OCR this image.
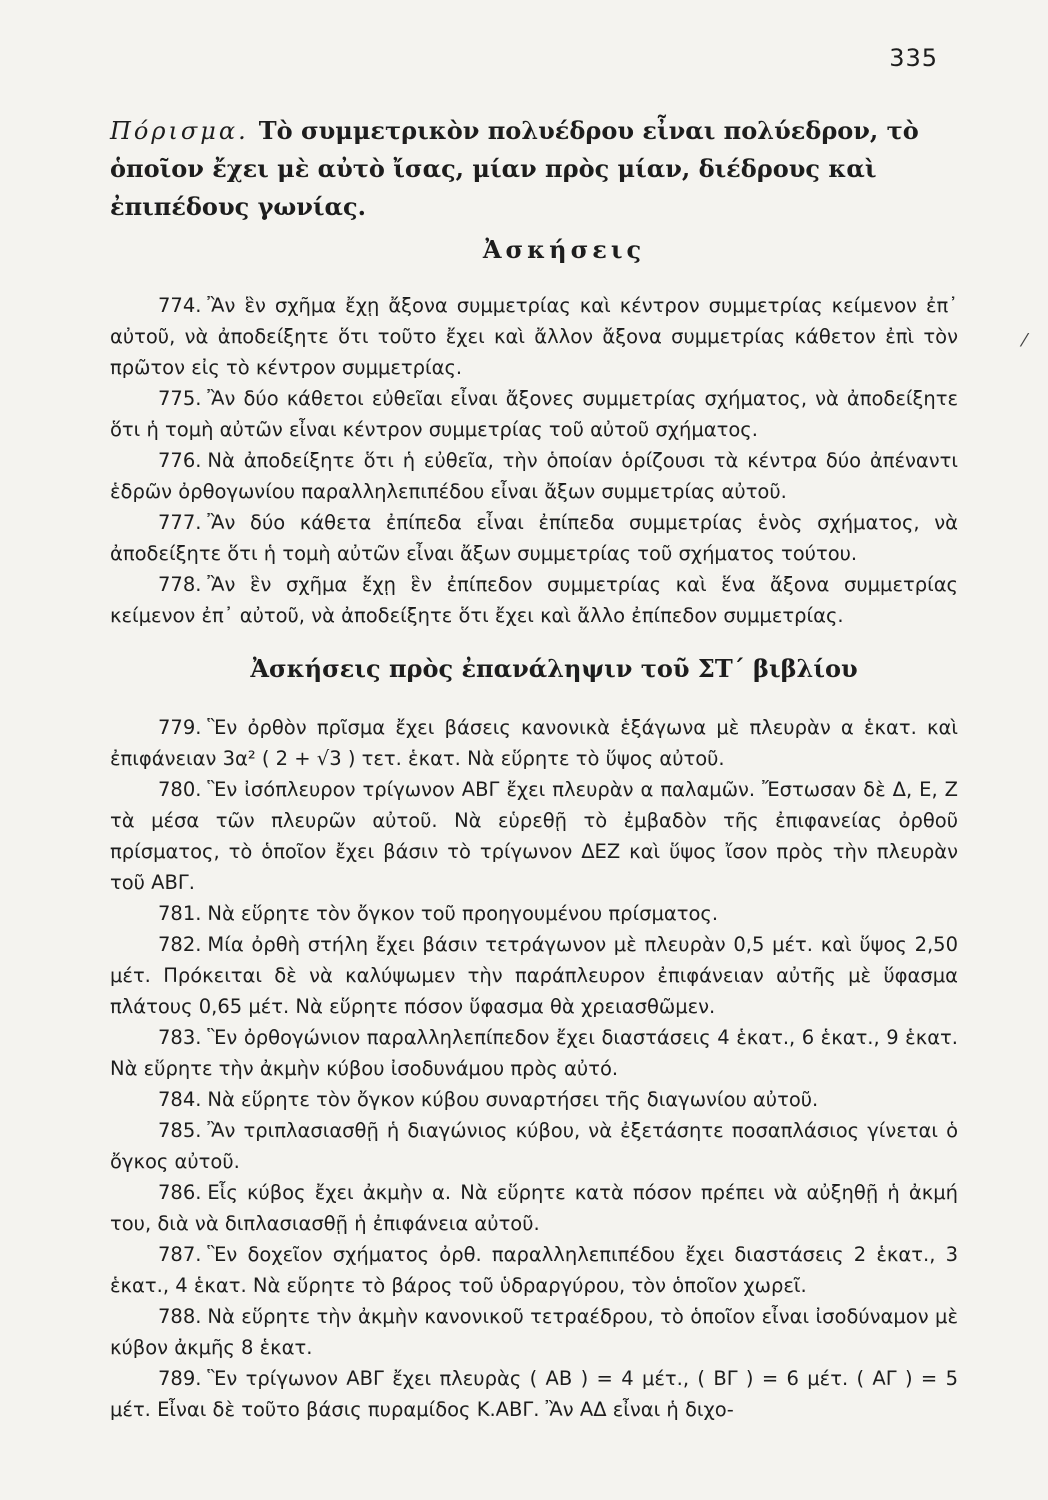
335
Πόρισμα. Τὸ συμμετρικὸν πολυέδρου εἶναι πολύεδρον, τὸ ὁποῖον ἔχει μὲ αὐτὸ ἴσας, μίαν πρὸς μίαν, διέδρους καὶ ἐπιπέδους γωνίας.
Ἀσκήσεις

774. Ἂν ἓν σχῆμα ἔχῃ ἄξονα συμμετρίας καὶ κέντρον συμμετρίας κείμενον ἐπ᾿ αὐτοῦ, νὰ ἀποδείξητε ὅτι τοῦτο ἔχει καὶ ἄλλον ἄξονα συμμετρίας κάθετον ἐπὶ τὸν πρῶτον εἰς τὸ κέντρον συμμετρίας.

775. Ἂν δύο κάθετοι εὐθεῖαι εἶναι ἄξονες συμμετρίας σχήματος, νὰ ἀποδείξητε ὅτι ἡ τομὴ αὐτῶν εἶναι κέντρον συμμετρίας τοῦ αὐτοῦ σχήματος.

776. Νὰ ἀποδείξητε ὅτι ἡ εὐθεῖα, τὴν ὁποίαν ὁρίζουσι τὰ κέντρα δύο ἀπέναντι ἑδρῶν ὀρθογωνίου παραλληλεπιπέδου εἶναι ἄξων συμμετρίας αὐτοῦ.

777. Ἂν δύο κάθετα ἐπίπεδα εἶναι ἐπίπεδα συμμετρίας ἑνὸς σχήματος, νὰ ἀποδείξητε ὅτι ἡ τομὴ αὐτῶν εἶναι ἄξων συμμετρίας τοῦ σχήματος τούτου.

778. Ἂν ἓν σχῆμα ἔχῃ ἓν ἐπίπεδον συμμετρίας καὶ ἕνα ἄξονα συμμετρίας κείμενον ἐπ᾿ αὐτοῦ, νὰ ἀποδείξητε ὅτι ἔχει καὶ ἄλλο ἐπίπεδον συμμετρίας.

Ἀσκήσεις πρὸς ἐπανάληψιν τοῦ ΣΤ΄ βιβλίου

779. Ἓν ὀρθὸν πρῖσμα ἔχει βάσεις κανονικὰ ἑξάγωνα μὲ πλευρὰν α ἑκατ. καὶ ἐπιφάνειαν 3α² ( 2 + √3 ) τετ. ἑκατ. Νὰ εὕρητε τὸ ὕψος αὐτοῦ.

780. Ἓν ἰσόπλευρον τρίγωνον ΑΒΓ ἔχει πλευρὰν α παλαμῶν. Ἔστωσαν δὲ Δ, Ε, Ζ τὰ μέσα τῶν πλευρῶν αὐτοῦ. Νὰ εὑρεθῇ τὸ ἐμβαδὸν τῆς ἐπιφανείας ὀρθοῦ πρίσματος, τὸ ὁποῖον ἔχει βάσιν τὸ τρίγωνον ΔΕΖ καὶ ὕψος ἴσον πρὸς τὴν πλευρὰν τοῦ ΑΒΓ.

781. Νὰ εὕρητε τὸν ὄγκον τοῦ προηγουμένου πρίσματος.

782. Μία ὀρθὴ στήλη ἔχει βάσιν τετράγωνον μὲ πλευρὰν 0,5 μέτ. καὶ ὕψος 2,50 μέτ. Πρόκειται δὲ νὰ καλύψωμεν τὴν παράπλευρον ἐπιφάνειαν αὐτῆς μὲ ὕφασμα πλάτους 0,65 μέτ. Νὰ εὕρητε πόσον ὕφασμα θὰ χρειασθῶμεν.

783. Ἓν ὀρθογώνιον παραλληλεπίπεδον ἔχει διαστάσεις 4 ἑκατ., 6 ἑκατ., 9 ἑκατ. Νὰ εὕρητε τὴν ἀκμὴν κύβου ἰσοδυνάμου πρὸς αὐτό.

784. Νὰ εὕρητε τὸν ὄγκον κύβου συναρτήσει τῆς διαγωνίου αὐτοῦ.

785. Ἂν τριπλασιασθῇ ἡ διαγώνιος κύβου, νὰ ἐξετάσητε ποσαπλάσιος γίνεται ὁ ὄγκος αὐτοῦ.

786. Εἷς κύβος ἔχει ἀκμὴν α. Νὰ εὕρητε κατὰ πόσον πρέπει νὰ αὐξηθῇ ἡ ἀκμή του, διὰ νὰ διπλασιασθῇ ἡ ἐπιφάνεια αὐτοῦ.

787. Ἓν δοχεῖον σχήματος ὀρθ. παραλληλεπιπέδου ἔχει διαστάσεις 2 ἑκατ., 3 ἑκατ., 4 ἑκατ. Νὰ εὕρητε τὸ βάρος τοῦ ὑδραργύρου, τὸν ὁποῖον χωρεῖ.

788. Νὰ εὕρητε τὴν ἀκμὴν κανονικοῦ τετραέδρου, τὸ ὁποῖον εἶναι ἰσοδύναμον μὲ κύβον ἀκμῆς 8 ἑκατ.

789. Ἓν τρίγωνον ΑΒΓ ἔχει πλευρὰς ( ΑΒ ) = 4 μέτ., ( ΒΓ ) = 6 μέτ. ( ΑΓ ) = 5 μέτ. Εἶναι δὲ τοῦτο βάσις πυραμίδος Κ.ΑΒΓ. Ἂν ΑΔ εἶναι ἡ διχο-

⁄
